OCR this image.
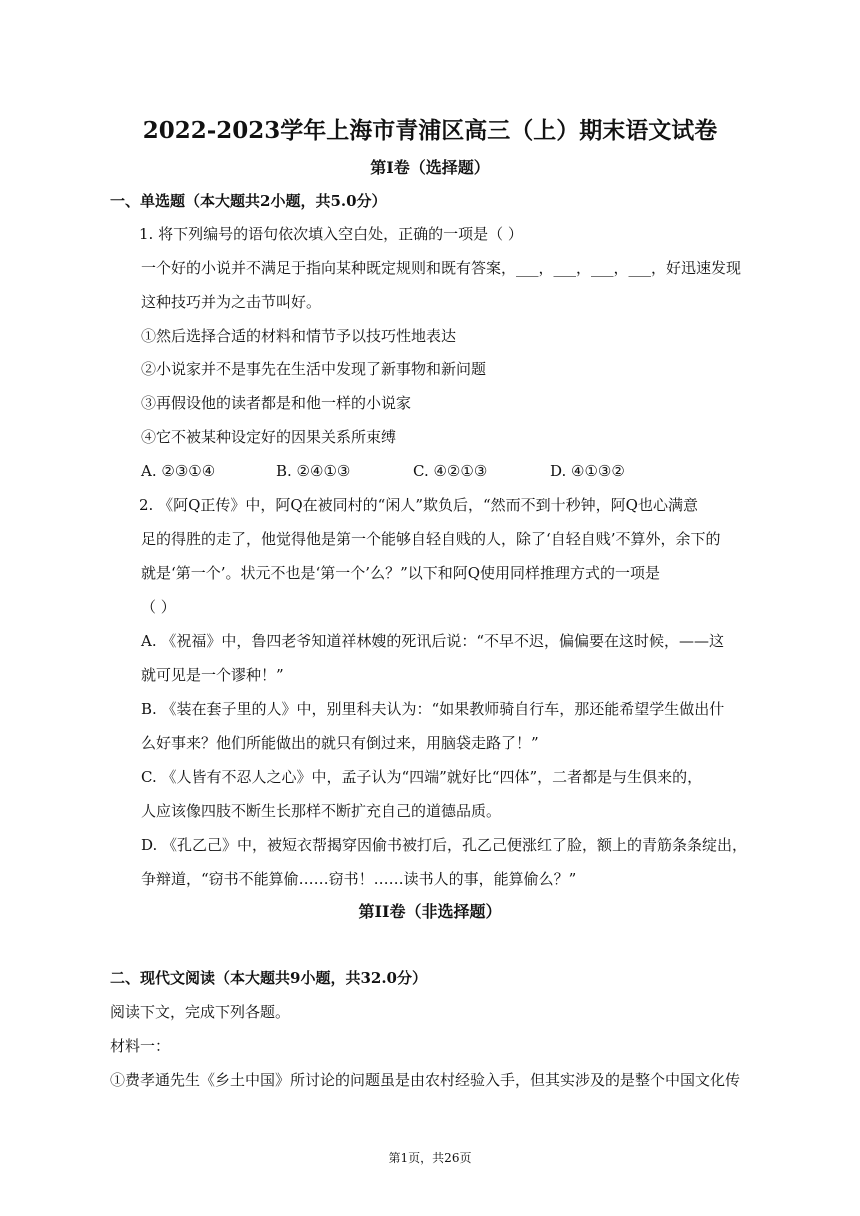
2022-2023学年上海市青浦区高三（上）期末语文试卷
第I卷（选择题）
一、单选题（本大题共2小题，共5.0分）
1. 将下列编号的语句依次填入空白处，正确的一项是（ ）
一个好的小说并不满足于指向某种既定规则和既有答案，___，___，___，___，好迅速发现
这种技巧并为之击节叫好。
①然后选择合适的材料和情节予以技巧性地表达
②小说家并不是事先在生活中发现了新事物和新问题
③再假设他的读者都是和他一样的小说家
④它不被某种设定好的因果关系所束缚
A. ②③①④	B. ②④①③	C. ④②①③	D. ④①③②
2. 《阿Q正传》中，阿Q在被同村的“闲人”欺负后，“然而不到十秒钟，阿Q也心满意
足的得胜的走了，他觉得他是第一个能够自轻自贱的人，除了‘自轻自贱’不算外，余下的
就是‘第一个’。状元不也是‘第一个’么？”以下和阿Q使用同样推理方式的一项是
（ ）
A. 《祝福》中，鲁四老爷知道祥林嫂的死讯后说：“不早不迟，偏偏要在这时候，——这
就可见是一个谬种！”
B. 《装在套子里的人》中，别里科夫认为：“如果教师骑自行车，那还能希望学生做出什
么好事来？他们所能做出的就只有倒过来，用脑袋走路了！”
C. 《人皆有不忍人之心》中，孟子认为“四端”就好比“四体”，二者都是与生俱来的，
人应该像四肢不断生长那样不断扩充自己的道德品质。
D. 《孔乙己》中，被短衣帮揭穿因偷书被打后，孔乙己便涨红了脸，额上的青筋条条绽出，
争辩道，“窃书不能算偷……窃书！……读书人的事，能算偷么？”
第II卷（非选择题）
二、现代文阅读（本大题共9小题，共32.0分）
阅读下文，完成下列各题。
材料一：
①费孝通先生《乡土中国》所讨论的问题虽是由农村经验入手，但其实涉及的是整个中国文化传
第1页，共26页
